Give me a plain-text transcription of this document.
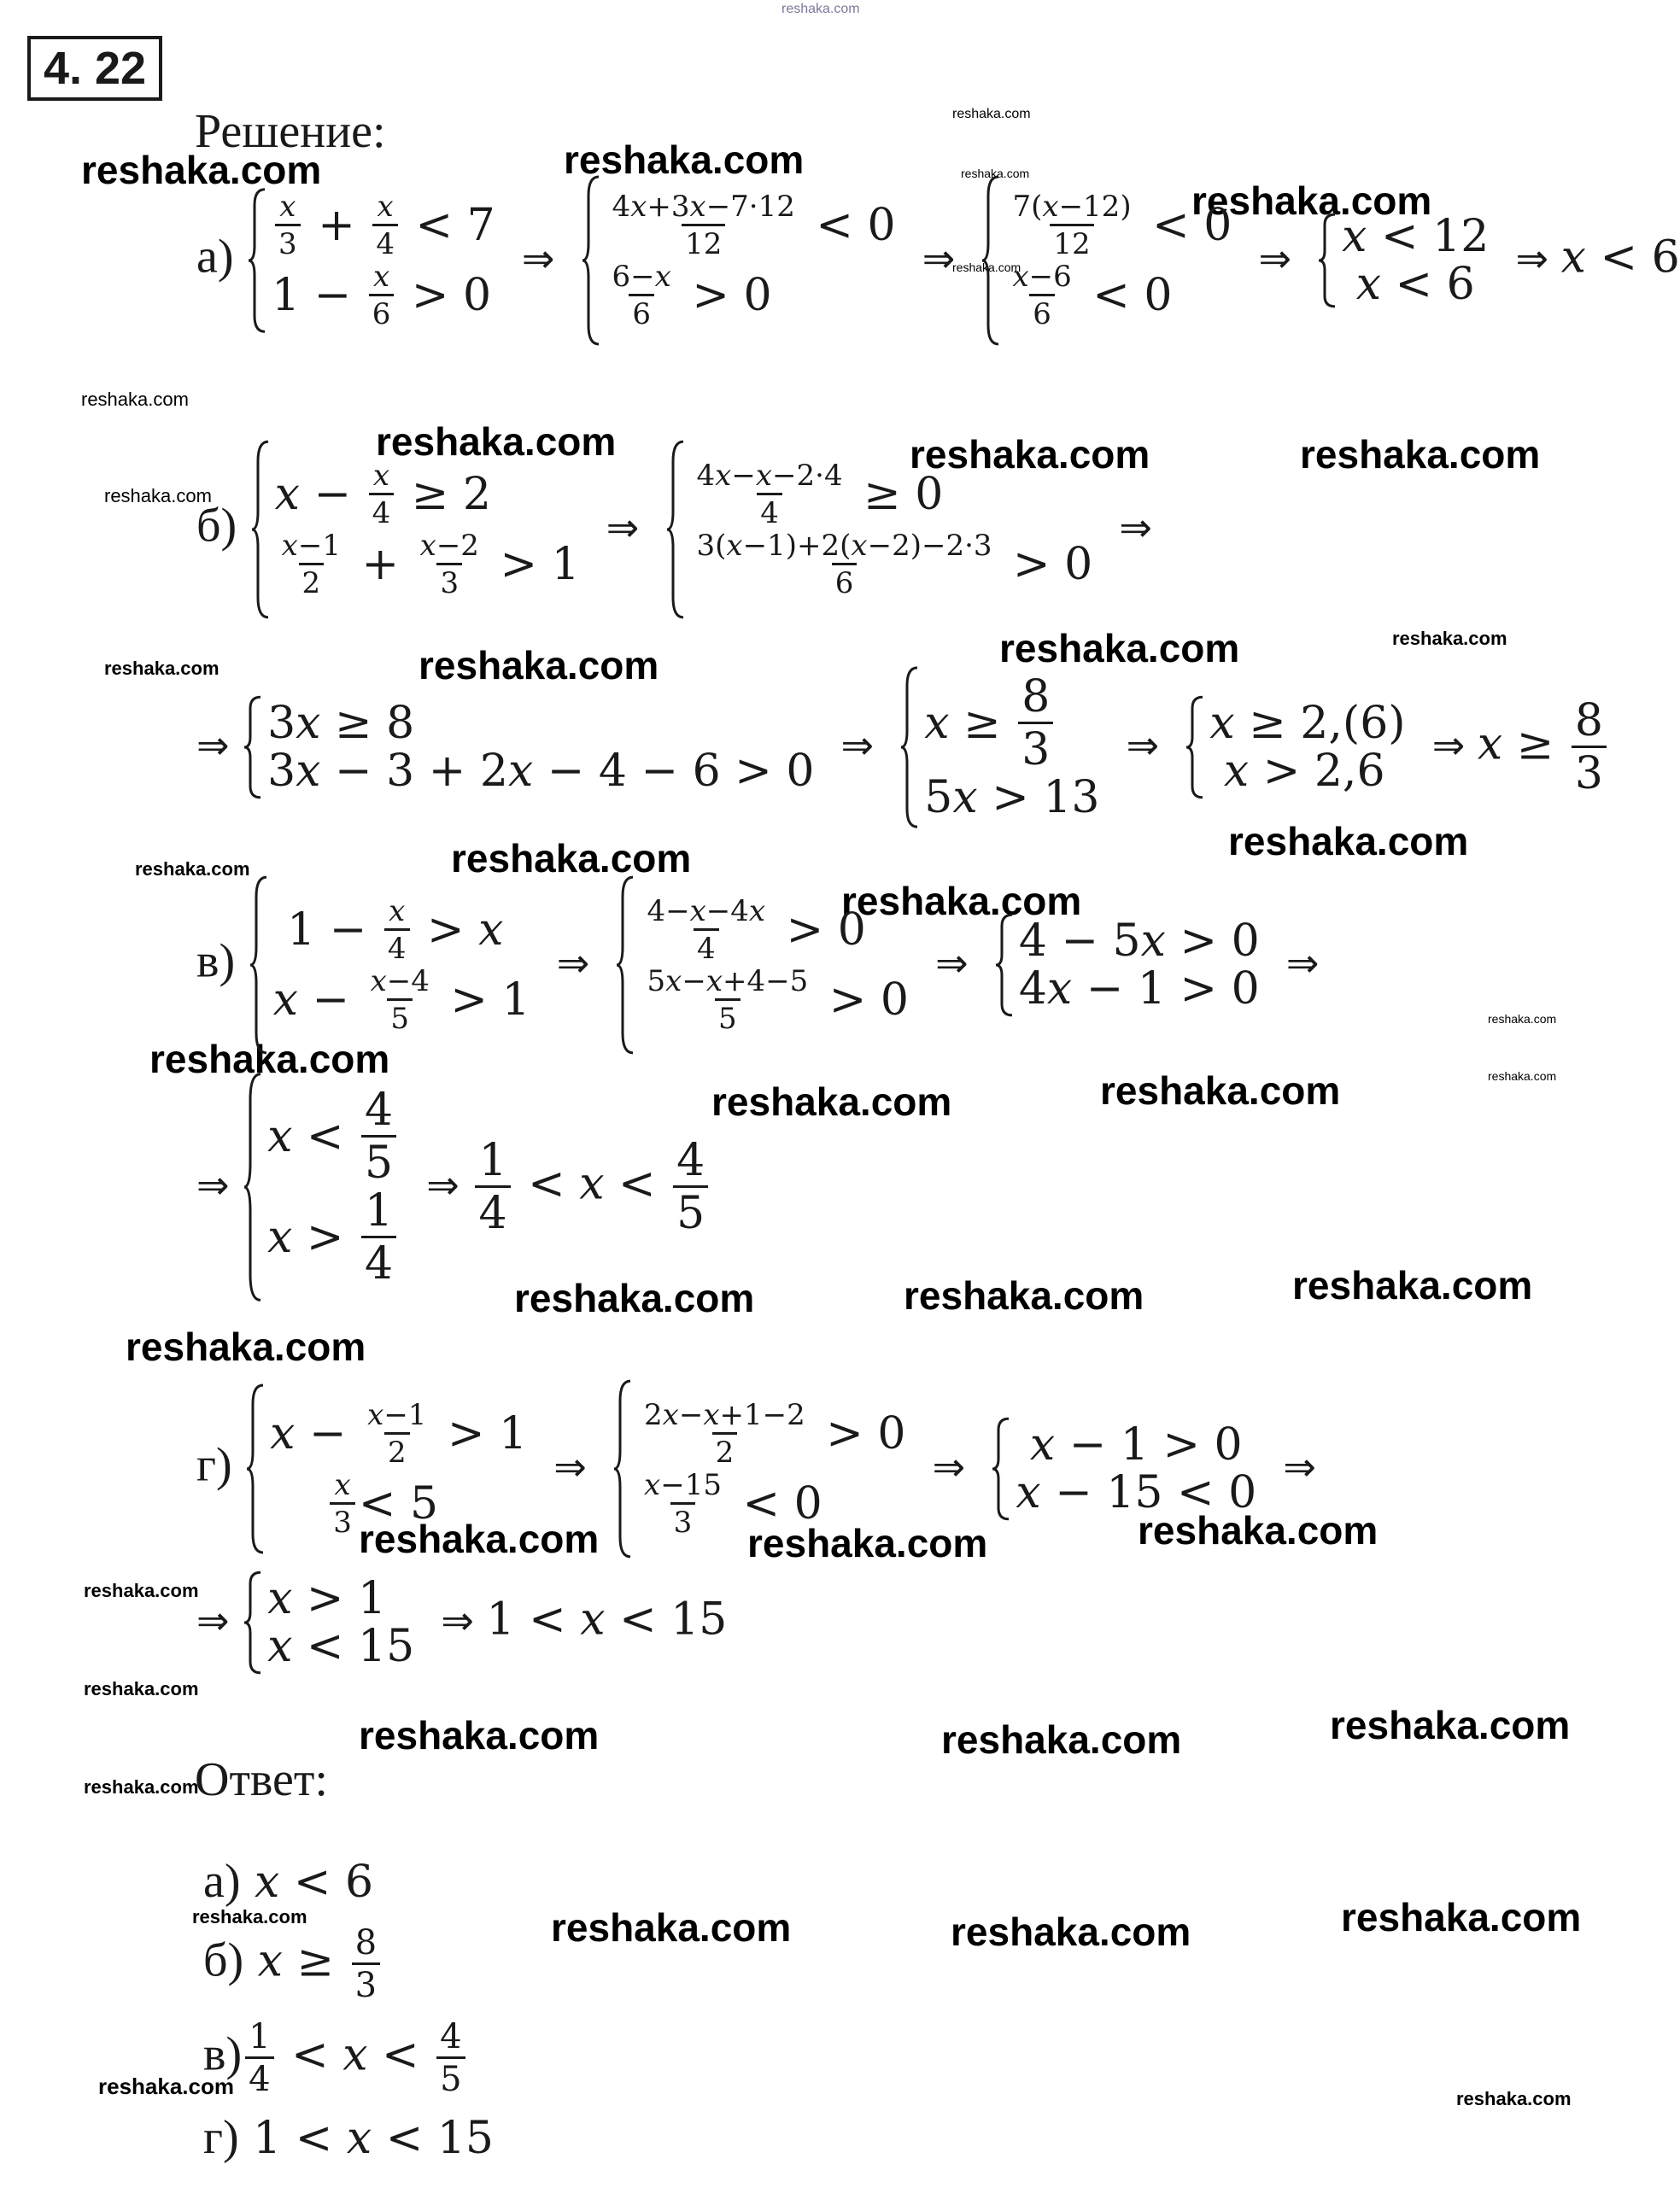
reshaka.com
reshaka.com	reshaka.com
reshaka.com
reshaka.com
reshaka.com
reshaka.com
reshaka.com
reshaka.com
reshaka.com
reshaka.com	reshaka.com
reshaka.com	reshaka.com	reshaka.com	reshaka.com
reshaka.com	reshaka.com	reshaka.com
reshaka.com
reshaka.com
reshaka.com
reshaka.com	reshaka.com	reshaka.com
reshaka.com	reshaka.com	reshaka.com
reshaka.com
reshaka.com	reshaka.com	reshaka.com
reshaka.com
reshaka.com
reshaka.com	reshaka.com	reshaka.com
reshaka.com
reshaka.com	reshaka.com	reshaka.com	reshaka.com
reshaka.com	reshaka.com
4. 22
Решение:
$а) \frac{x}{3} + \frac{x}{4} < 7$
$1 - \frac{x}{6} > 0$
⇒ $\frac{4x+3x-7\cdot 12}{12} < 0$
$\frac{6-x}{6} > 0$
⇒ $\frac{7(x-12)}{12} < 0$
$\frac{x-6}{6} < 0$
⇒ x < 12

x < 6
⇒ x < 6
б)
$x - \frac{x}{4} \ge 2$
$\frac{x-1}{2} + \frac{x-2}{3} > 1$
⇒ $\frac{4x-x-2\cdot 4}{4} \ge 0$
$\frac{3(x-1)+2(x-2)-2\cdot 3}{6} > 0$
⇒
⇒ 3 x ≥ 8
3 x − 3 + 2 x − 4 − 6 > 0
⇒ $x \ge \frac{8}{3}$
5 x > 13
⇒ x ≥ 2,(6)

x > 2,6
⇒ $x \ge \frac{8}{3}$
в)
$1 - \frac{x}{4} > x$
$x - \frac{x-4}{5} > 1$
⇒ $\frac{4-x-4x}{4} > 0$
$\frac{5x-x+4-5}{5} > 0$
⇒ 4 − 5 x > 0
4 x − 1 > 0
⇒
⇒
$x < \frac{4}{5}$
$x > \frac{1}{4}$
⇒ $\frac{1}{4} < x < \frac{4}{5}$
г)
$x - \frac{x-1}{2} > 1$

$\frac{x}{3} < 5$
⇒ $\frac{2x-x+1-2}{2} > 0$
$\frac{x-15}{3} < 0$
⇒
x − 1 > 0
x − 15 < 0
⇒
⇒ x > 1
x < 15
⇒ 1 < x < 15
Ответ:
а) x < 6
б) $x \ge \frac{8}{3}$
$в) \frac{1}{4} < x < \frac{4}{5}$
г) 1 < x < 15
